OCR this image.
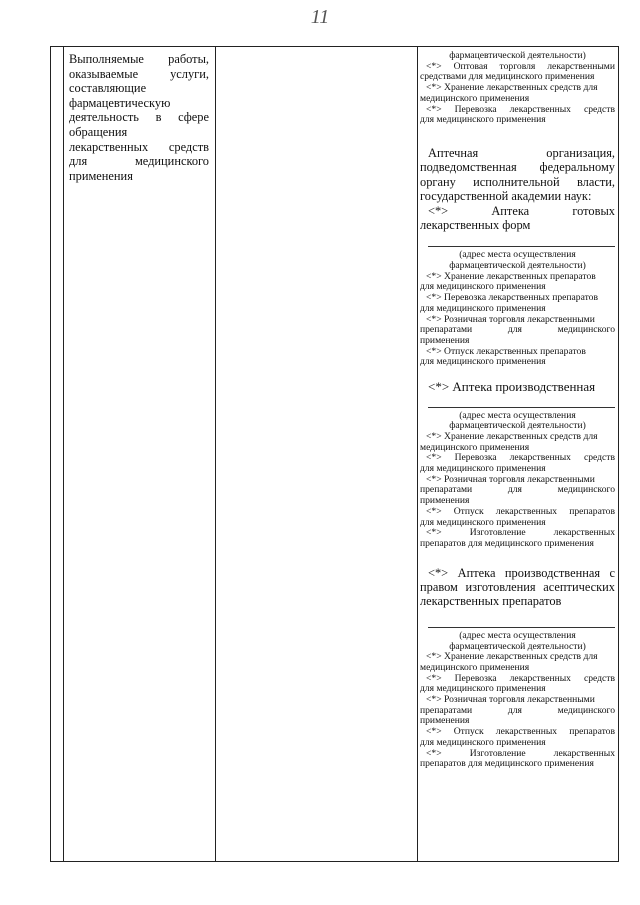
11
Выполняемые работы,
оказываемые услуги,
составляющие
фармацевтическую
деятельность в сфере
обращения
лекарственных средств
для медицинского
применения
фармацевтической деятельности)
<*> Оптовая торговля лекарственными
средствами для медицинского применения
<*> Хранение лекарственных средств для
медицинского применения
<*> Перевозка лекарственных средств
для медицинского применения
Аптечная организация,
подведомственная федеральному
органу исполнительной власти,
государственной академии наук:
<*> Аптека готовых
лекарственных форм
(адрес места осуществления
фармацевтической деятельности)
<*> Хранение лекарственных препаратов
для медицинского применения
<*> Перевозка лекарственных препаратов
для медицинского применения
<*> Розничная торговля лекарственными
препаратами для медицинского
применения
<*> Отпуск лекарственных препаратов
для медицинского применения
<*> Аптека производственная
(адрес места осуществления
фармацевтической деятельности)
<*> Хранение лекарственных средств для
медицинского применения
<*> Перевозка лекарственных средств
для медицинского применения
<*> Розничная торговля лекарственными
препаратами для медицинского
применения
<*> Отпуск лекарственных препаратов
для медицинского применения
<*> Изготовление лекарственных
препаратов для медицинского применения
<*> Аптека производственная с
правом изготовления асептических
лекарственных препаратов
(адрес места осуществления
фармацевтической деятельности)
<*> Хранение лекарственных средств для
медицинского применения
<*> Перевозка лекарственных средств
для медицинского применения
<*> Розничная торговля лекарственными
препаратами для медицинского
применения
<*> Отпуск лекарственных препаратов
для медицинского применения
<*> Изготовление лекарственных
препаратов для медицинского применения
